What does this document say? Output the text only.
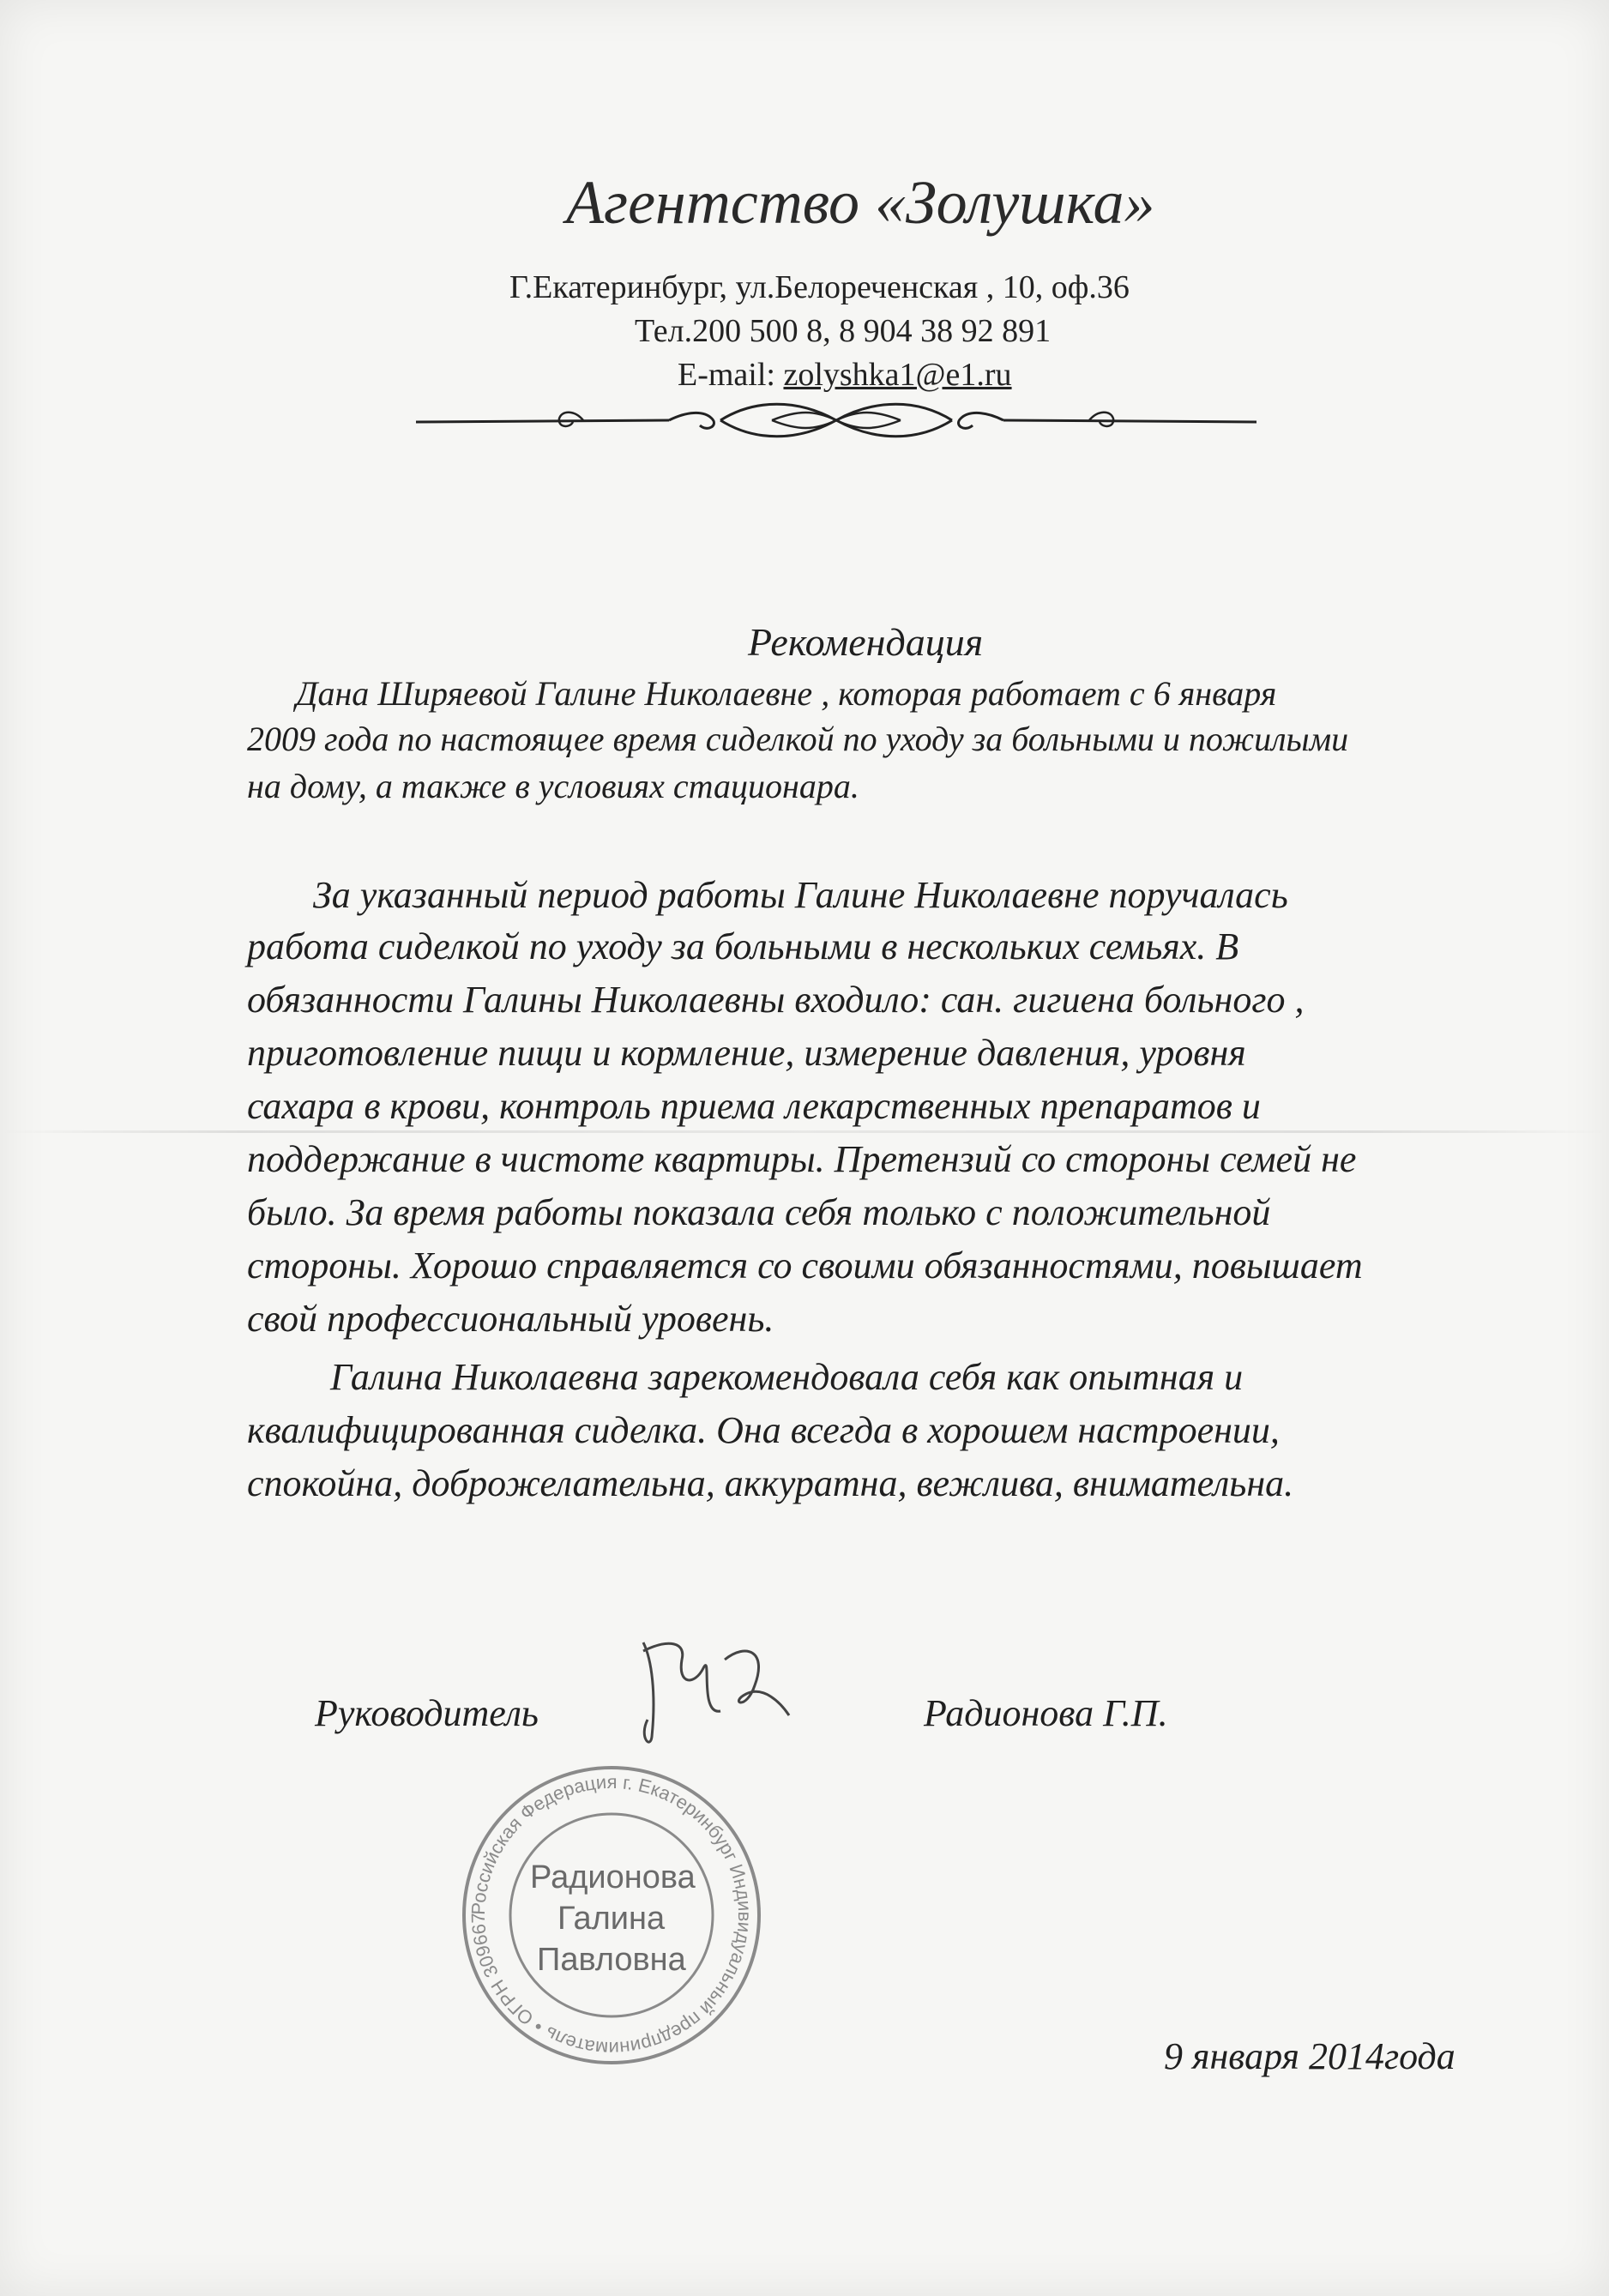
Агентство «Золушка»
Г.Екатеринбург, ул.Белореченская , 10, оф.36
Тел.200 500 8, 8 904 38 92 891
E-mail: zolyshka1@e1.ru
Рекомендация
Дана Ширяевой Галине Николаевне , которая работает с 6 января
2009 года по настоящее время сиделкой по уходу за больными и пожилыми
на дому, а также в условиях стационара.
За указанный период работы Галине Николаевне поручалась
работа сиделкой по уходу за больными в нескольких семьях. В
обязанности Галины Николаевны входило: сан. гигиена больного ,
приготовление пищи и кормление, измерение давления, уровня
сахара в крови, контроль приема лекарственных препаратов и
поддержание в чистоте квартиры. Претензий со стороны семей не
было. За время работы показала себя только с положительной
стороны. Хорошо справляется со своими обязанностями, повышает
свой профессиональный уровень.
Галина Николаевна зарекомендовала себя как опытная и
квалифицированная сиделка. Она всегда в хорошем настроении,
спокойна, доброжелательна, аккуратна, вежлива, внимательна.
Руководитель	Радионова Г.П.
Российская Федерация г. Екатеринбург Индивидуальный предприниматель • ОГРН 309667
Радионова
Галина
Павловна
9 января 2014года
